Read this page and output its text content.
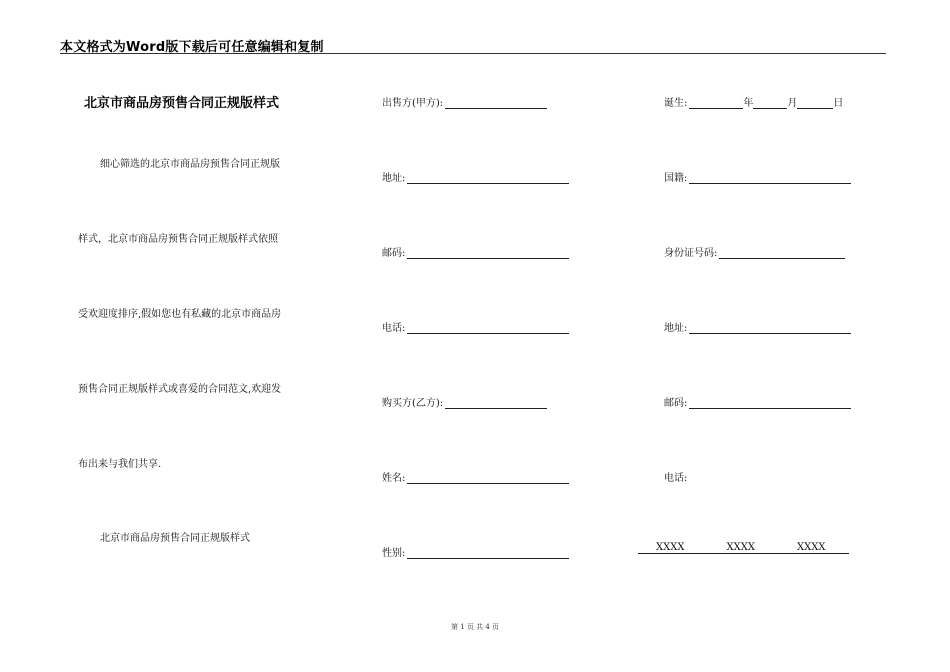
本文格式为Word版下载后可任意编辑和复制
北京市商品房预售合同正规版样式
细心筛选的北京市商品房预售合同正规版
样式，北京市商品房预售合同正规版样式依照
受欢迎度排序,假如您也有私藏的北京市商品房
预售合同正规版样式或喜爱的合同范文,欢迎发
布出来与我们共享.
北京市商品房预售合同正规版样式
出售方(甲方):
地址:
邮码:
电话:
购买方(乙方):
姓名:
性别:
诞生:	年	月	日
国籍:
身份证号码:
地址:
邮码:
电话:
XXXX	XXXX	XXXX
第 1 页 共 4 页
